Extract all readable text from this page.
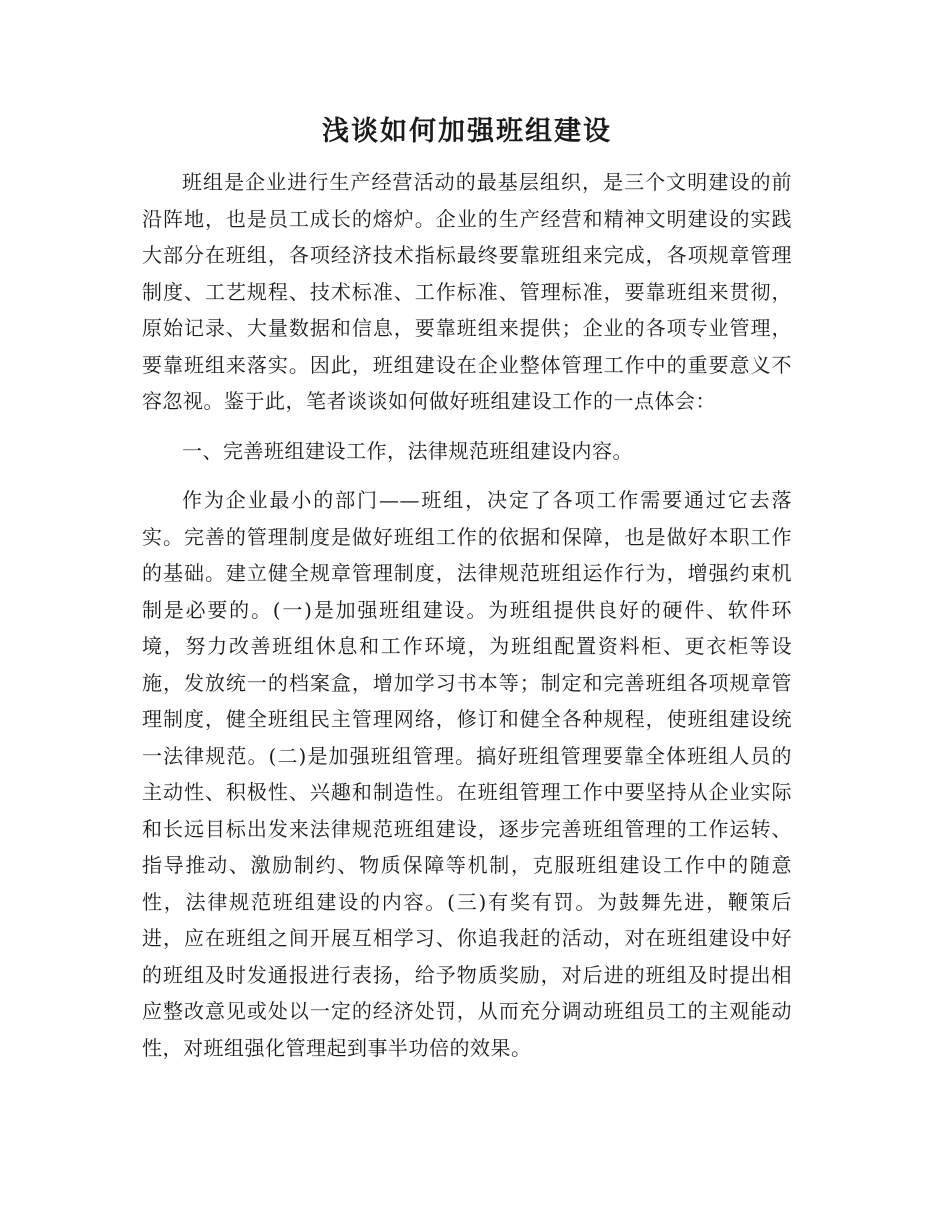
浅谈如何加强班组建设

班组是企业进行生产经营活动的最基层组织，是三个文明建设的前沿阵地，也是员工成长的熔炉。企业的生产经营和精神文明建设的实践大部分在班组，各项经济技术指标最终要靠班组来完成，各项规章管理制度、工艺规程、技术标准、工作标准、管理标准，要靠班组来贯彻，原始记录、大量数据和信息，要靠班组来提供；企业的各项专业管理，要靠班组来落实。因此，班组建设在企业整体管理工作中的重要意义不容忽视。鉴于此，笔者谈谈如何做好班组建设工作的一点体会：

一、完善班组建设工作，法律规范班组建设内容。

作为企业最小的部门——班组，决定了各项工作需要通过它去落实。完善的管理制度是做好班组工作的依据和保障，也是做好本职工作的基础。建立健全规章管理制度，法律规范班组运作行为，增强约束机制是必要的。(一)是加强班组建设。为班组提供良好的硬件、软件环境，努力改善班组休息和工作环境，为班组配置资料柜、更衣柜等设施，发放统一的档案盒，增加学习书本等；制定和完善班组各项规章管理制度，健全班组民主管理网络，修订和健全各种规程，使班组建设统一法律规范。(二)是加强班组管理。搞好班组管理要靠全体班组人员的主动性、积极性、兴趣和制造性。在班组管理工作中要坚持从企业实际和长远目标出发来法律规范班组建设，逐步完善班组管理的工作运转、指导推动、激励制约、物质保障等机制，克服班组建设工作中的随意性，法律规范班组建设的内容。(三)有奖有罚。为鼓舞先进，鞭策后进，应在班组之间开展互相学习、你追我赶的活动，对在班组建设中好的班组及时发通报进行表扬，给予物质奖励，对后进的班组及时提出相应整改意见或处以一定的经济处罚，从而充分调动班组员工的主观能动性，对班组强化管理起到事半功倍的效果。
